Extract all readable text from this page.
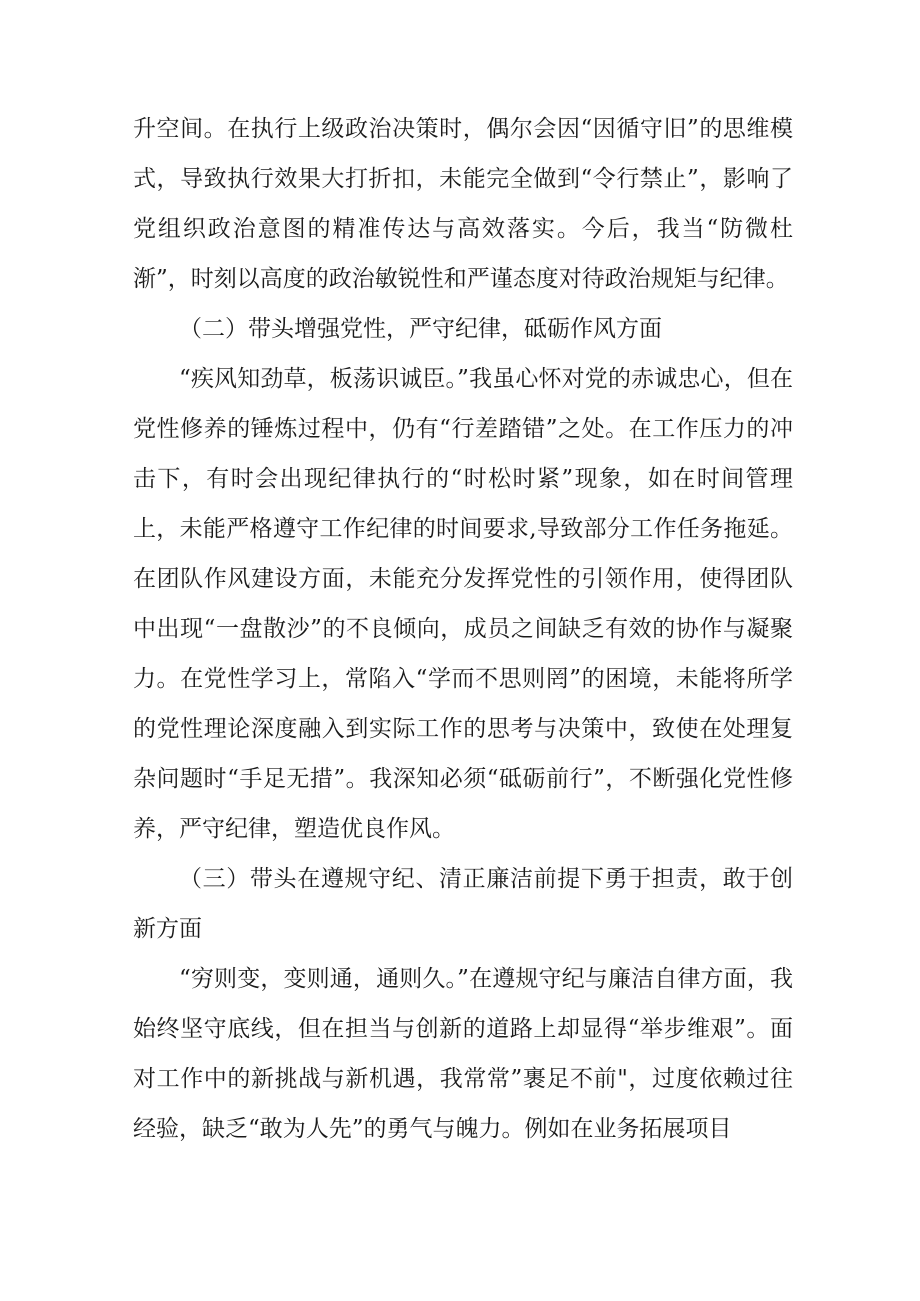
升空间。在执行上级政治决策时，偶尔会因“因循守旧”的思维模式，导致执行效果大打折扣，未能完全做到“令行禁止”，影响了党组织政治意图的精准传达与高效落实。今后，我当“防微杜渐”，时刻以高度的政治敏锐性和严谨态度对待政治规矩与纪律。

（二）带头增强党性，严守纪律，砥砺作风方面

“疾风知劲草，板荡识诚臣。”我虽心怀对党的赤诚忠心，但在党性修养的锤炼过程中，仍有“行差踏错”之处。在工作压力的冲击下，有时会出现纪律执行的“时松时紧”现象，如在时间管理上，未能严格遵守工作纪律的时间要求,导致部分工作任务拖延。在团队作风建设方面，未能充分发挥党性的引领作用，使得团队中出现“一盘散沙”的不良倾向，成员之间缺乏有效的协作与凝聚力。在党性学习上，常陷入“学而不思则罔”的困境，未能将所学的党性理论深度融入到实际工作的思考与决策中，致使在处理复杂问题时“手足无措”。我深知必须“砥砺前行”，不断强化党性修养，严守纪律，塑造优良作风。

（三）带头在遵规守纪、清正廉洁前提下勇于担责，敢于创新方面

“穷则变，变则通，通则久。”在遵规守纪与廉洁自律方面，我始终坚守底线，但在担当与创新的道路上却显得“举步维艰”。面对工作中的新挑战与新机遇，我常常”裹足不前"，过度依赖过往经验，缺乏“敢为人先”的勇气与魄力。例如在业务拓展项目
